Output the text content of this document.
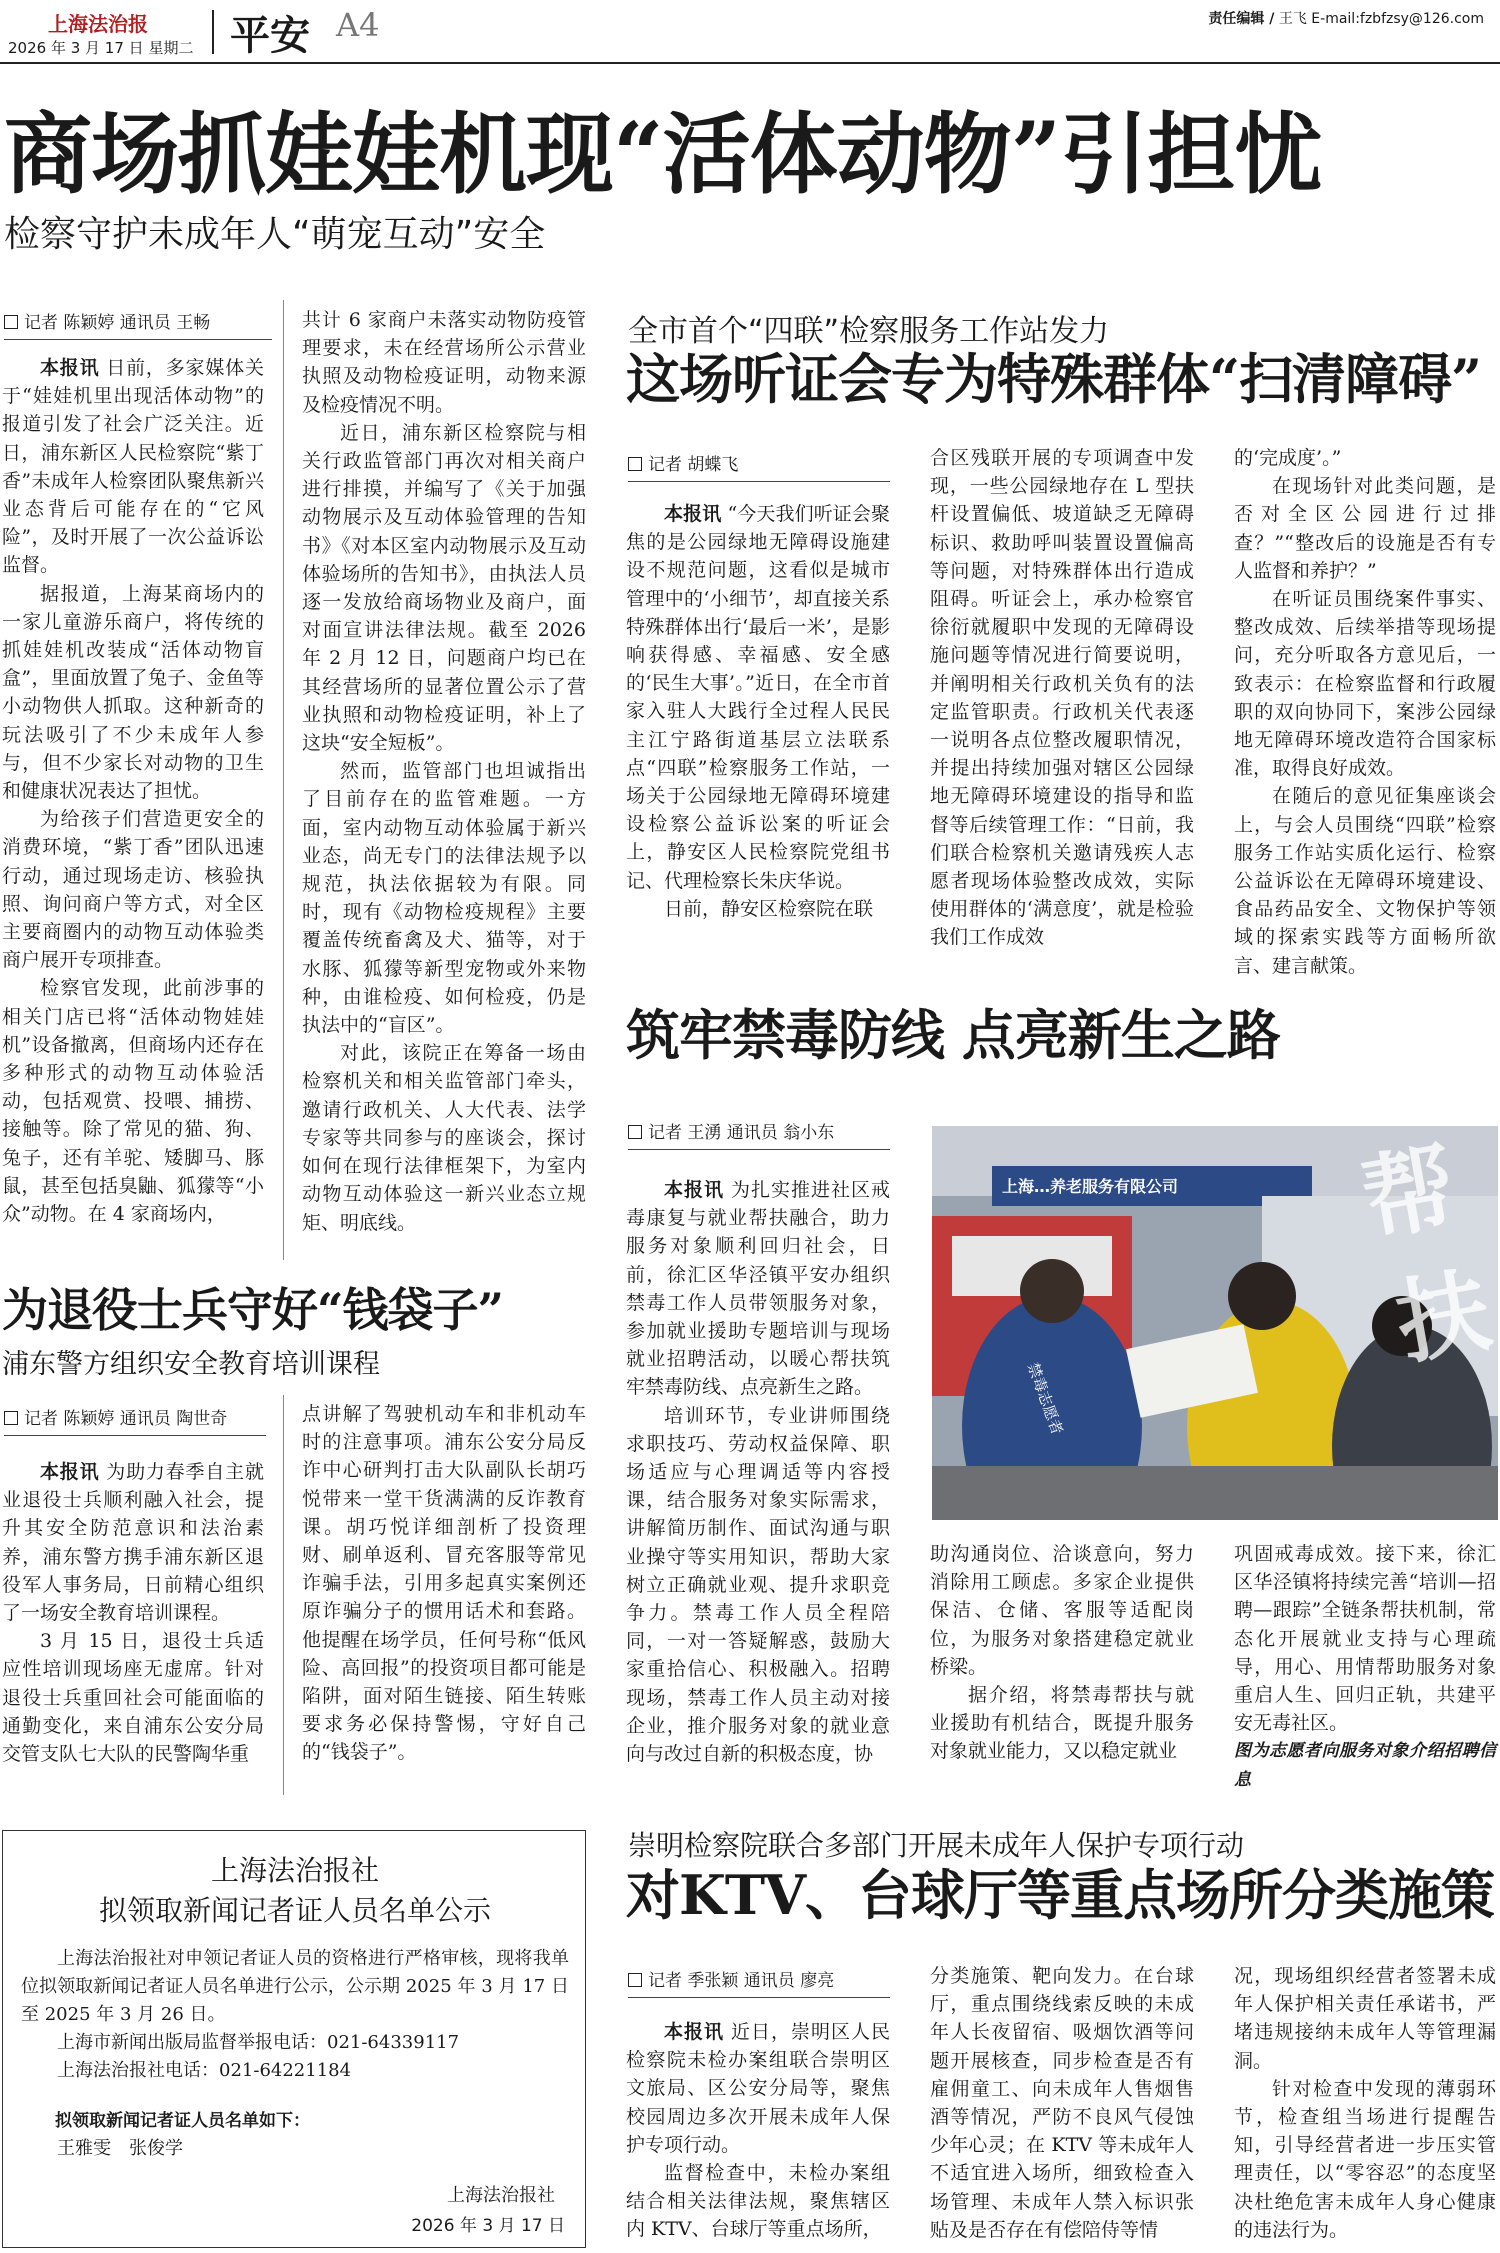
上海法治报
2026 年 3 月 17 日 星期二 平安 A4	责任编辑 / 王飞 E-mail:fzbfzsy@126.com
商场抓娃娃机现“活体动物”引担忧
检察守护未成年人“萌宠互动”安全
记者 陈颖婷 通讯员 王畅

本报讯 日前，多家媒体关于“娃娃机里出现活体动物”的报道引发了社会广泛关注。近日，浦东新区人民检察院“紫丁香”未成年人检察团队聚焦新兴业态背后可能存在的“它风险”，及时开展了一次公益诉讼监督。

据报道，上海某商场内的一家儿童游乐商户，将传统的抓娃娃机改装成“活体动物盲盒”，里面放置了兔子、金鱼等小动物供人抓取。这种新奇的玩法吸引了不少未成年人参与，但不少家长对动物的卫生和健康状况表达了担忧。

为给孩子们营造更安全的消费环境，“紫丁香”团队迅速行动，通过现场走访、核验执照、询问商户等方式，对全区主要商圈内的动物互动体验类商户展开专项排查。

检察官发现，此前涉事的相关门店已将“活体动物娃娃机”设备撤离，但商场内还存在多种形式的动物互动体验活动，包括观赏、投喂、捕捞、接触等。除了常见的猫、狗、兔子，还有羊驼、矮脚马、豚鼠，甚至包括臭鼬、狐獴等“小众”动物。在 4 家商场内，

共计 6 家商户未落实动物防疫管理要求，未在经营场所公示营业执照及动物检疫证明，动物来源及检疫情况不明。

近日，浦东新区检察院与相关行政监管部门再次对相关商户进行排摸，并编写了《关于加强动物展示及互动体验管理的告知书》《对本区室内动物展示及互动体验场所的告知书》，由执法人员逐一发放给商场物业及商户，面对面宣讲法律法规。截至 2026 年 2 月 12 日，问题商户均已在其经营场所的显著位置公示了营业执照和动物检疫证明，补上了这块“安全短板”。

然而，监管部门也坦诚指出了目前存在的监管难题。一方面，室内动物互动体验属于新兴业态，尚无专门的法律法规予以规范，执法依据较为有限。同时，现有《动物检疫规程》主要覆盖传统畜禽及犬、猫等，对于水豚、狐獴等新型宠物或外来物种，由谁检疫、如何检疫，仍是执法中的“盲区”。

对此，该院正在筹备一场由检察机关和相关监管部门牵头，邀请行政机关、人大代表、法学专家等共同参与的座谈会，探讨如何在现行法律框架下，为室内动物互动体验这一新兴业态立规矩、明底线。

全市首个“四联”检察服务工作站发力
这场听证会专为特殊群体“扫清障碍”
记者 胡蝶飞

本报讯 “今天我们听证会聚焦的是公园绿地无障碍设施建设不规范问题，这看似是城市管理中的‘小细节’，却直接关系特殊群体出行‘最后一米’，是影响获得感、幸福感、安全感的‘民生大事’。”近日，在全市首家入驻人大践行全过程人民民主江宁路街道基层立法联系点“四联”检察服务工作站，一场关于公园绿地无障碍环境建设检察公益诉讼案的听证会上，静安区人民检察院党组书记、代理检察长朱庆华说。

日前，静安区检察院在联

合区残联开展的专项调查中发现，一些公园绿地存在 L 型扶杆设置偏低、坡道缺乏无障碍标识、救助呼叫装置设置偏高等问题，对特殊群体出行造成阻碍。听证会上，承办检察官徐衍就履职中发现的无障碍设施问题等情况进行简要说明，并阐明相关行政机关负有的法定监管职责。行政机关代表逐一说明各点位整改履职情况，并提出持续加强对辖区公园绿地无障碍环境建设的指导和监督等后续管理工作：“日前，我们联合检察机关邀请残疾人志愿者现场体验整改成效，实际使用群体的‘满意度’，就是检验我们工作成效

的‘完成度’。”

在现场针对此类问题，是否对全区公园进行过排查？”“整改后的设施是否有专人监督和养护？”

在听证员围绕案件事实、整改成效、后续举措等现场提问，充分听取各方意见后，一致表示：在检察监督和行政履职的双向协同下，案涉公园绿地无障碍环境改造符合国家标准，取得良好成效。

在随后的意见征集座谈会上，与会人员围绕“四联”检察服务工作站实质化运行、检察公益诉讼在无障碍环境建设、食品药品安全、文物保护等领域的探索实践等方面畅所欲言、建言献策。

筑牢禁毒防线 点亮新生之路
记者 王湧 通讯员 翁小东

本报讯 为扎实推进社区戒毒康复与就业帮扶融合，助力服务对象顺利回归社会，日前，徐汇区华泾镇平安办组织禁毒工作人员带领服务对象，参加就业援助专题培训与现场就业招聘活动，以暖心帮扶筑牢禁毒防线、点亮新生之路。

培训环节，专业讲师围绕求职技巧、劳动权益保障、职场适应与心理调适等内容授课，结合服务对象实际需求，讲解简历制作、面试沟通与职业操守等实用知识，帮助大家树立正确就业观、提升求职竞争力。禁毒工作人员全程陪同，一对一答疑解惑，鼓励大家重拾信心、积极融入。招聘现场，禁毒工作人员主动对接企业，推介服务对象的就业意向与改过自新的积极态度，协

上海…养老服务有限公司
禁毒志愿者
帮
扶

助沟通岗位、洽谈意向，努力消除用工顾虑。多家企业提供保洁、仓储、客服等适配岗位，为服务对象搭建稳定就业桥梁。

据介绍，将禁毒帮扶与就业援助有机结合，既提升服务对象就业能力，又以稳定就业

巩固戒毒成效。接下来，徐汇区华泾镇将持续完善“培训—招聘—跟踪”全链条帮扶机制，常态化开展就业支持与心理疏导，用心、用情帮助服务对象重启人生、回归正轨，共建平安无毒社区。

图为志愿者向服务对象介绍招聘信息

为退役士兵守好“钱袋子”
浦东警方组织安全教育培训课程
记者 陈颖婷 通讯员 陶世奇

本报讯 为助力春季自主就业退役士兵顺利融入社会，提升其安全防范意识和法治素养，浦东警方携手浦东新区退役军人事务局，日前精心组织了一场安全教育培训课程。

3 月 15 日，退役士兵适应性培训现场座无虚席。针对退役士兵重回社会可能面临的通勤变化，来自浦东公安分局交管支队七大队的民警陶华重

点讲解了驾驶机动车和非机动车时的注意事项。浦东公安分局反诈中心研判打击大队副队长胡巧悦带来一堂干货满满的反诈教育课。胡巧悦详细剖析了投资理财、刷单返利、冒充客服等常见诈骗手法，引用多起真实案例还原诈骗分子的惯用话术和套路。他提醒在场学员，任何号称“低风险、高回报”的投资项目都可能是陷阱，面对陌生链接、陌生转账要求务必保持警惕，守好自己的“钱袋子”。

上海法治报社
拟领取新闻记者证人员名单公示
上海法治报社对申领记者证人员的资格进行严格审核，现将我单位拟领取新闻记者证人员名单进行公示，公示期 2025 年 3 月 17 日至 2025 年 3 月 26 日。
上海市新闻出版局监督举报电话：021-64339117
上海法治报社电话：021-64221184
拟领取新闻记者证人员名单如下：
王雅雯　张俊学
上海法治报社
2026 年 3 月 17 日
崇明检察院联合多部门开展未成年人保护专项行动
对KTV、台球厅等重点场所分类施策
记者 季张颖 通讯员 廖亮

本报讯 近日，崇明区人民检察院未检办案组联合崇明区文旅局、区公安分局等，聚焦校园周边多次开展未成年人保护专项行动。

监督检查中，未检办案组结合相关法律法规，聚焦辖区内 KTV、台球厅等重点场所，

分类施策、靶向发力。在台球厅，重点围绕线索反映的未成年人长夜留宿、吸烟饮酒等问题开展核查，同步检查是否有雇佣童工、向未成年人售烟售酒等情况，严防不良风气侵蚀少年心灵；在 KTV 等未成年人不适宜进入场所，细致检查入场管理、未成年人禁入标识张贴及是否存在有偿陪侍等情

况，现场组织经营者签署未成年人保护相关责任承诺书，严堵违规接纳未成年人等管理漏洞。

针对检查中发现的薄弱环节，检查组当场进行提醒告知，引导经营者进一步压实管理责任，以“零容忍”的态度坚决杜绝危害未成年人身心健康的违法行为。
